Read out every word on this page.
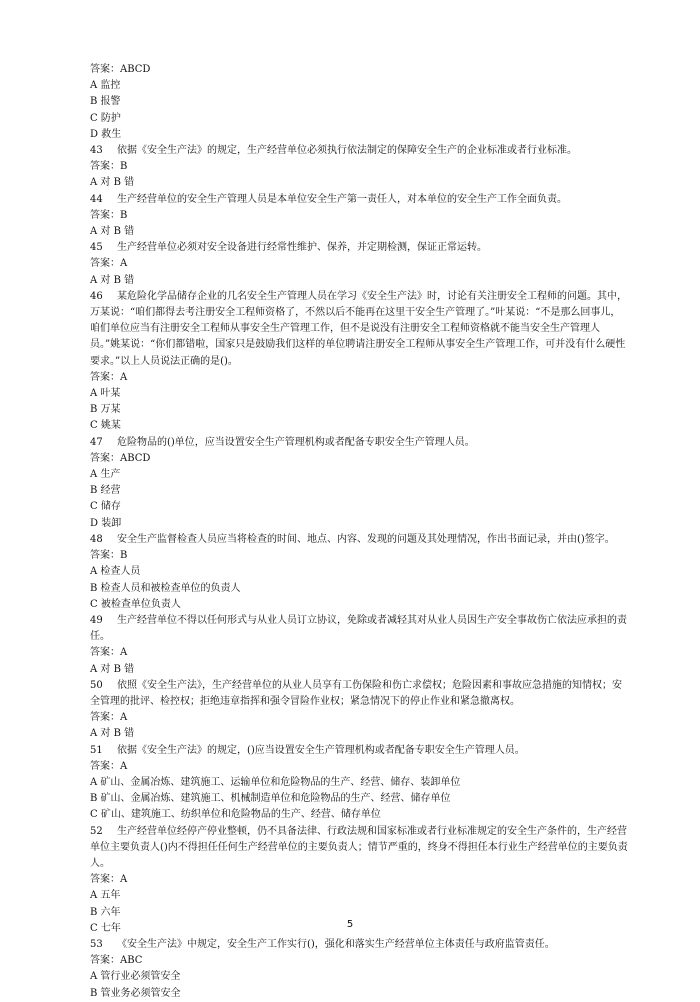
答案：ABCD
A 监控
B 报警
C 防护
D 救生
43 依据《安全生产法》的规定，生产经营单位必须执行依法制定的保障安全生产的企业标准或者行业标准。
答案：B
A 对 B 错
44 生产经营单位的安全生产管理人员是本单位安全生产第一责任人，对本单位的安全生产工作全面负责。
答案：B
A 对 B 错
45 生产经营单位必须对安全设备进行经常性维护、保养，并定期检测，保证正常运转。
答案：A
A 对 B 错
46 某危险化学品储存企业的几名安全生产管理人员在学习《安全生产法》时，讨论有关注册安全工程师的问题。其中，万某说：“咱们都得去考注册安全工程师资格了，不然以后不能再在这里干安全生产管理了。”叶某说：“不是那么回事儿，咱们单位应当有注册安全工程师从事安全生产管理工作，但不是说没有注册安全工程师资格就不能当安全生产管理人员。”姚某说：“你们都错啦，国家只是鼓励我们这样的单位聘请注册安全工程师从事安全生产管理工作，可并没有什么硬性要求。”以上人员说法正确的是()。
答案：A
A 叶某
B 万某
C 姚某
47 危险物品的()单位，应当设置安全生产管理机构或者配备专职安全生产管理人员。
答案：ABCD
A 生产
B 经营
C 储存
D 装卸
48 安全生产监督检查人员应当将检查的时间、地点、内容、发现的问题及其处理情况，作出书面记录，并由()签字。
答案：B
A 检查人员
B 检查人员和被检查单位的负责人
C 被检查单位负责人
49 生产经营单位不得以任何形式与从业人员订立协议，免除或者减轻其对从业人员因生产安全事故伤亡依法应承担的责任。
答案：A
A 对 B 错
50 依照《安全生产法》，生产经营单位的从业人员享有工伤保险和伤亡求偿权；危险因素和事故应急措施的知情权；安全管理的批评、检控权；拒绝违章指挥和强令冒险作业权；紧急情况下的停止作业和紧急撤离权。
答案：A
A 对 B 错
51 依据《安全生产法》的规定，()应当设置安全生产管理机构或者配备专职安全生产管理人员。
答案：A
A 矿山、金属冶炼、建筑施工、运输单位和危险物品的生产、经营、储存、装卸单位
B 矿山、金属冶炼、建筑施工、机械制造单位和危险物品的生产、经营、储存单位
C 矿山、建筑施工、纺织单位和危险物品的生产、经营、储存单位
52 生产经营单位经停产停业整顿，仍不具备法律、行政法规和国家标准或者行业标准规定的安全生产条件的，生产经营单位主要负责人()内不得担任任何生产经营单位的主要负责人；情节严重的，终身不得担任本行业生产经营单位的主要负责人。
答案：A
A 五年
B 六年
C 七年
53 《安全生产法》中规定，安全生产工作实行()，强化和落实生产经营单位主体责任与政府监管责任。
答案：ABC
A 管行业必须管安全
B 管业务必须管安全
5
